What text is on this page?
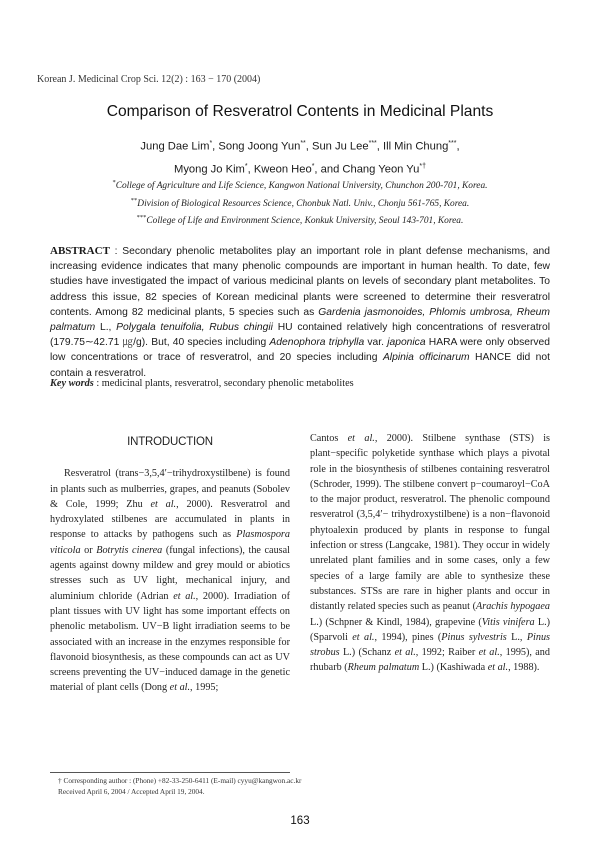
Korean J. Medicinal Crop Sci. 12(2) : 163 − 170 (2004)
Comparison of Resveratrol Contents in Medicinal Plants
Jung Dae Lim*, Song Joong Yun**, Sun Ju Lee***, Ill Min Chung***,
Myong Jo Kim*, Kweon Heo*, and Chang Yeon Yu*†
*College of Agriculture and Life Science, Kangwon National University, Chunchon 200-701, Korea.
**Division of Biological Resources Science, Chonbuk Natl. Univ., Chonju 561-765, Korea.
***College of Life and Environment Science, Konkuk University, Seoul 143-701, Korea.
ABSTRACT : Secondary phenolic metabolites play an important role in plant defense mechanisms, and increasing evidence indicates that many phenolic compounds are important in human health. To date, few studies have investigated the impact of various medicinal plants on levels of secondary plant metabolites. To address this issue, 82 species of Korean medicinal plants were screened to determine their resveratrol contents. Among 82 medicinal plants, 5 species such as Gardenia jasmonoides, Phlomis umbrosa, Rheum palmatum L., Polygala tenuifolia, Rubus chingii HU contained relatively high concentrations of resveratrol (179.75∼42.71 ㎍/g). But, 40 species including Adenophora triphylla var. japonica HARA were only observed low concentrations or trace of resveratrol, and 20 species including Alpinia officinarum HANCE did not contain a resveratrol.
Key words : medicinal plants, resveratrol, secondary phenolic metabolites
INTRODUCTION

Resveratrol (trans−3,5,4′−trihydroxystilbene) is found in plants such as mulberries, grapes, and peanuts (Sobolev & Cole, 1999; Zhu et al., 2000). Resveratrol and hydroxylated stilbenes are accumulated in plants in response to attacks by pathogens such as Plasmospora viticola or Botrytis cinerea (fungal infections), the causal agents against downy mildew and grey mould or abiotics stresses such as UV light, mechanical injury, and aluminium chloride (Adrian et al., 2000). Irradiation of plant tissues with UV light has some important effects on phenolic metabolism. UV−B light irradiation seems to be associated with an increase in the enzymes responsible for flavonoid biosynthesis, as these compounds can act as UV screens preventing the UV−induced damage in the genetic material of plant cells (Dong et al., 1995;

Cantos et al., 2000). Stilbene synthase (STS) is plant−specific polyketide synthase which plays a pivotal role in the biosynthesis of stilbenes containing resveratrol (Schroder, 1999). The stilbene convert p−coumaroyl−CoA to the major product, resveratrol. The phenolic compound resveratrol (3,5,4′− trihydroxystilbene) is a non−flavonoid phytoalexin produced by plants in response to fungal infection or stress (Langcake, 1981). They occur in widely unrelated plant families and in some cases, only a few species of a large family are able to synthesize these substances. STSs are rare in higher plants and occur in distantly related species such as peanut (Arachis hypogaea L.) (Schpner & Kindl, 1984), grapevine (Vitis vinifera L.) (Sparvoli et al., 1994), pines (Pinus sylvestris L., Pinus strobus L.) (Schanz et al., 1992; Raiber et al., 1995), and rhubarb (Rheum palmatum L.) (Kashiwada et al., 1988).

† Corresponding author : (Phone) +82-33-250-6411 (E-mail) cyyu@kangwon.ac.kr
Received April 6, 2004 / Accepted April 19, 2004.
163
